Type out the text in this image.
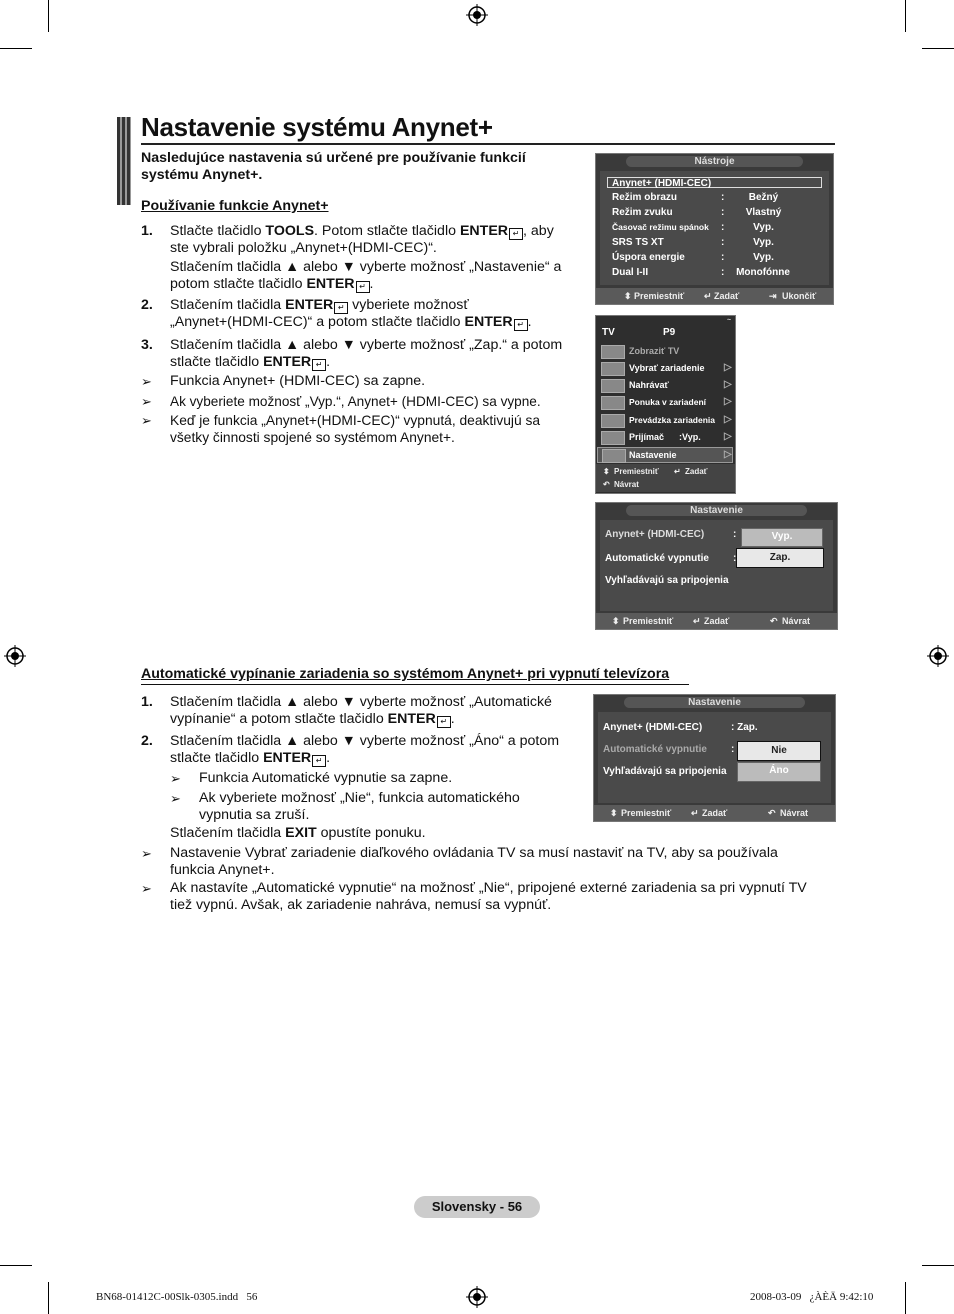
Nastavenie systému Anynet+
Nasledujúce nastavenia sú určené pre používanie funkcií systému Anynet+.
Používanie funkcie Anynet+
1. Stlačte tlačidlo TOOLS. Potom stlačte tlačidlo ENTER ↵ , aby
ste vybrali položku „Anynet+(HDMI-CEC)“.
Stlačením tlačidla ▲ alebo ▼ vyberte možnosť „Nastavenie“ a
potom stlačte tlačidlo ENTER ↵ .
2. Stlačením tlačidla ENTER ↵ vyberiete možnosť
„Anynet+(HDMI-CEC)“ a potom stlačte tlačidlo ENTER ↵ .
3. Stlačením tlačidla ▲ alebo ▼ vyberte možnosť „Zap.“ a potom
stlačte tlačidlo ENTER ↵ .
➢ Funkcia Anynet+ (HDMI-CEC) sa zapne.
➢ Ak vyberiete možnosť „Vyp.“, Anynet+ (HDMI-CEC) sa vypne.
➢ Keď je funkcia „Anynet+(HDMI-CEC)“ vypnutá, deaktivujú sa
všetky činnosti spojené so systémom Anynet+.
Nástroje
Anynet+ (HDMI-CEC)
Režim obrazu	:	Bežný
Režim zvuku	:	Vlastný
Časovač režimu spánok :	Vyp.
SRS TS XT	:	Vyp.
Úspora energie	:	Vyp.
Dual I-II	:	Monofónne
⬍ Premiestniť ↵ Zadať	⇥ Ukončiť
~
TV	P9
Zobraziť TV
Vybrať zariadenie ▷
Nahrávať	▷
Ponuka v zariadení ▷
Prevádzka zariadenia ▷
Prijímač      :Vyp. ▷
Nastavenie	▷
⬍ Premiestniť ↵ Zadať
↶ Návrat
Nastavenie
Anynet+ (HDMI-CEC)	:	Vyp.
Automatické vypnutie :	Zap.
Vyhľadávajú sa pripojenia
⬍ Premiestniť ↵ Zadať	↶ Návrat
Automatické vypínanie zariadenia so systémom Anynet+ pri vypnutí televízora
1. Stlačením tlačidla ▲ alebo ▼ vyberte možnosť „Automatické
vypínanie“ a potom stlačte tlačidlo ENTER ↵ .
2. Stlačením tlačidla ▲ alebo ▼ vyberte možnosť „Áno“ a potom
stlačte tlačidlo ENTER ↵ .
➢ Funkcia Automatické vypnutie sa zapne.
➢ Ak vyberiete možnosť „Nie“, funkcia automatického
vypnutia sa zruší.
Stlačením tlačidla EXIT opustíte ponuku.
➢ Nastavenie Vybrať zariadenie diaľkového ovládania TV sa musí nastaviť na TV, aby sa používala
funkcia Anynet+.
➢ Ak nastavíte „Automatické vypnutie“ na možnosť „Nie“, pripojené externé zariadenia sa pri vypnutí TV
tiež vypnú. Avšak, ak zariadenie nahráva, nemusí sa vypnúť.
Nastavenie
Anynet+ (HDMI-CEC)	: Zap.
Automatické vypnutie :	Nie
Vyhľadávajú sa pripojenia	Áno
⬍ Premiestniť ↵ Zadať	↶ Návrat
Slovensky - 56
BN68-01412C-00Slk-0305.indd   56	2008-03-09   ¿ÀÈÄ 9:42:10
